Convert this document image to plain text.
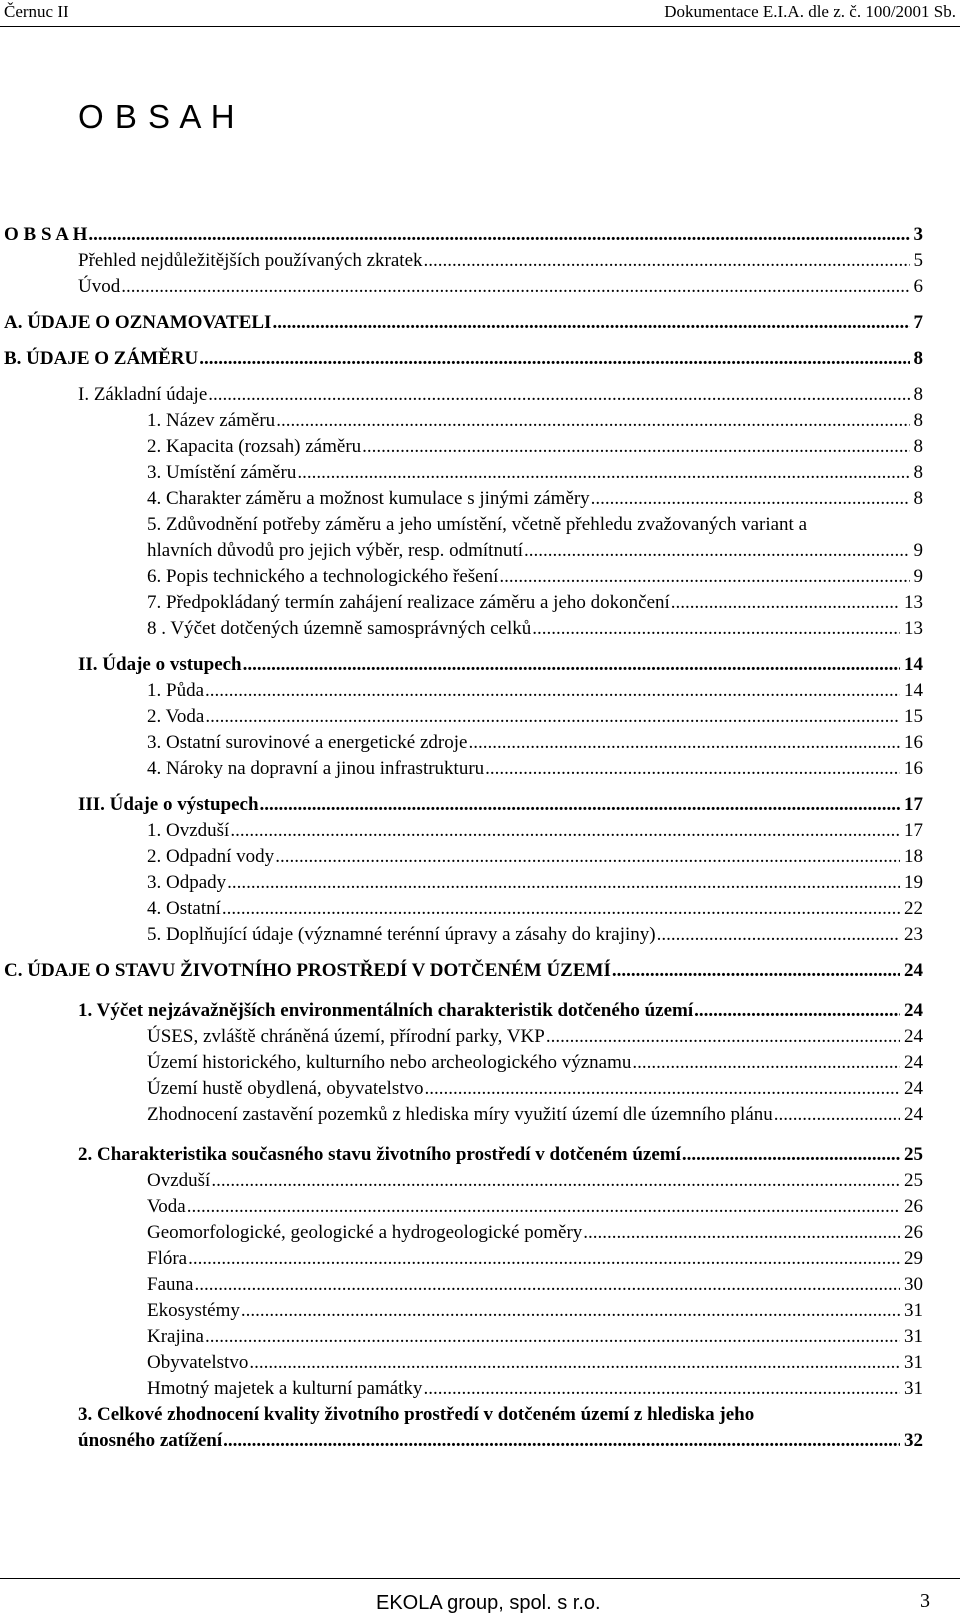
Černuc II	Dokumentace E.I.A. dle z. č. 100/2001 Sb.
O B S A H
O B S A H .....	3
Přehled nejdůležitějších používaných zkratek .....	5
Úvod .....	6
A. ÚDAJE O OZNAMOVATELI .....	7
B. ÚDAJE O ZÁMĚRU .....	8
I. Základní údaje .....	8
1. Název záměru .....	8
2. Kapacita (rozsah) záměru .....	8
3. Umístění záměru .....	8
4. Charakter záměru a možnost kumulace s jinými záměry .....	8
5. Zdůvodnění potřeby záměru a jeho umístění, včetně přehledu zvažovaných variant a
hlavních důvodů pro jejich výběr, resp. odmítnutí .....	9
6. Popis technického a technologického řešení .....	9
7. Předpokládaný termín zahájení realizace záměru a jeho dokončení .....	13
8 . Výčet dotčených územně samosprávných celků .....	13
II. Údaje o vstupech .....	14
1. Půda .....	14
2. Voda .....	15
3. Ostatní surovinové a energetické zdroje .....	16
4. Nároky na dopravní a jinou infrastrukturu .....	16
III. Údaje o výstupech .....	17
1. Ovzduší .....	17
2. Odpadní vody .....	18
3. Odpady .....	19
4. Ostatní .....	22
5. Doplňující údaje (významné terénní úpravy a zásahy do krajiny) .....	23
C. ÚDAJE O STAVU ŽIVOTNÍHO PROSTŘEDÍ V DOTČENÉM ÚZEMÍ .....	24
1. Výčet nejzávažnějších environmentálních charakteristik dotčeného území .....	24
ÚSES, zvláště chráněná území, přírodní parky, VKP .....	24
Území historického, kulturního nebo archeologického významu .....	24
Území hustě obydlená, obyvatelstvo .....	24
Zhodnocení zastavění pozemků z hlediska míry využití území dle územního plánu .....	24
2. Charakteristika současného stavu životního prostředí v dotčeném území .....	25
Ovzduší .....	25
Voda .....	26
Geomorfologické, geologické a hydrogeologické poměry .....	26
Flóra .....	29
Fauna .....	30
Ekosystémy .....	31
Krajina .....	31
Obyvatelstvo .....	31
Hmotný majetek a kulturní památky .....	31
3. Celkové zhodnocení kvality životního prostředí v dotčeném území z hlediska jeho
únosného zatížení .....	32
EKOLA group, spol. s r.o.	3
